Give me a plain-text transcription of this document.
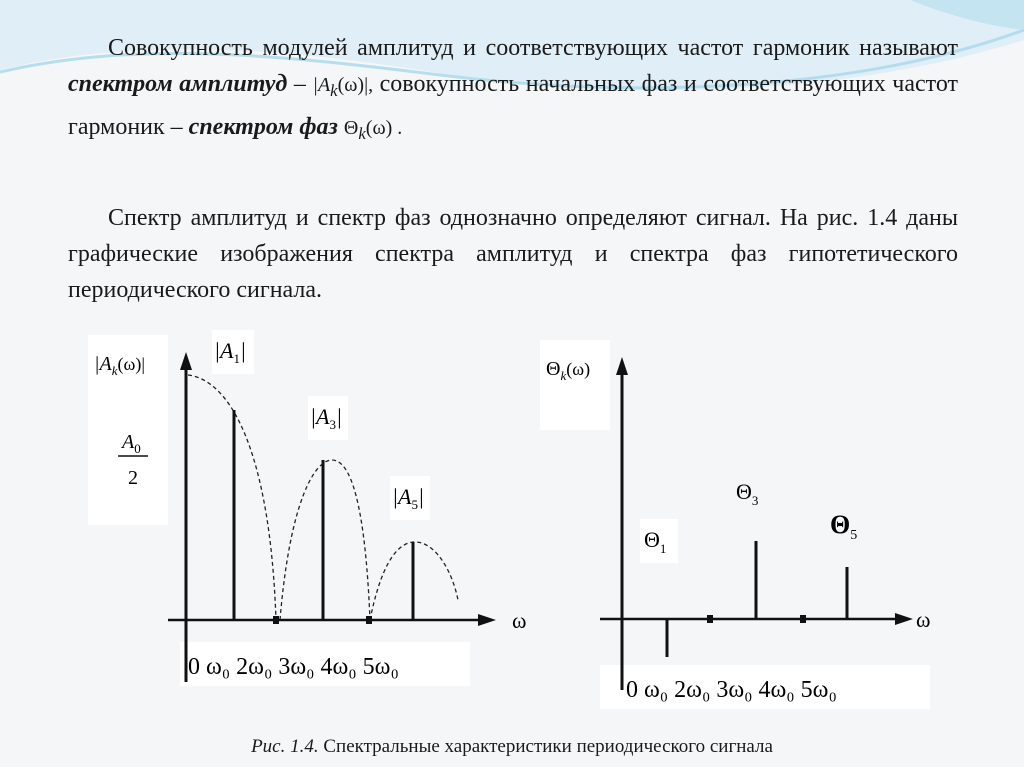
Совокупность модулей амплитуд и соответствующих частот гармоник называют спектром амплитуд – $|A_k(\omega)|$, совокупность начальных фаз и соответствующих частот гармоник – спектром фаз $\Theta_k(\omega)$ .
Спектр амплитуд и спектр фаз однозначно определяют сигнал. На рис. 1.4 даны графические изображения спектра амплитуд и спектра фаз гипотетического периодического сигнала.
$|A_k(\omega)|$
$A_0$
2
$|A_1|$
$|A_3|$
$|A_5|$
ω
0 ω₀ 2ω₀ 3ω₀ 4ω₀ 5ω₀
$\Theta_k(\omega)$
$\Theta_1$
$\Theta_3$
$\Theta_5$
ω
0 ω₀ 2ω₀ 3ω₀ 4ω₀ 5ω₀
Рис. 1.4. Спектральные характеристики периодического сигнала
